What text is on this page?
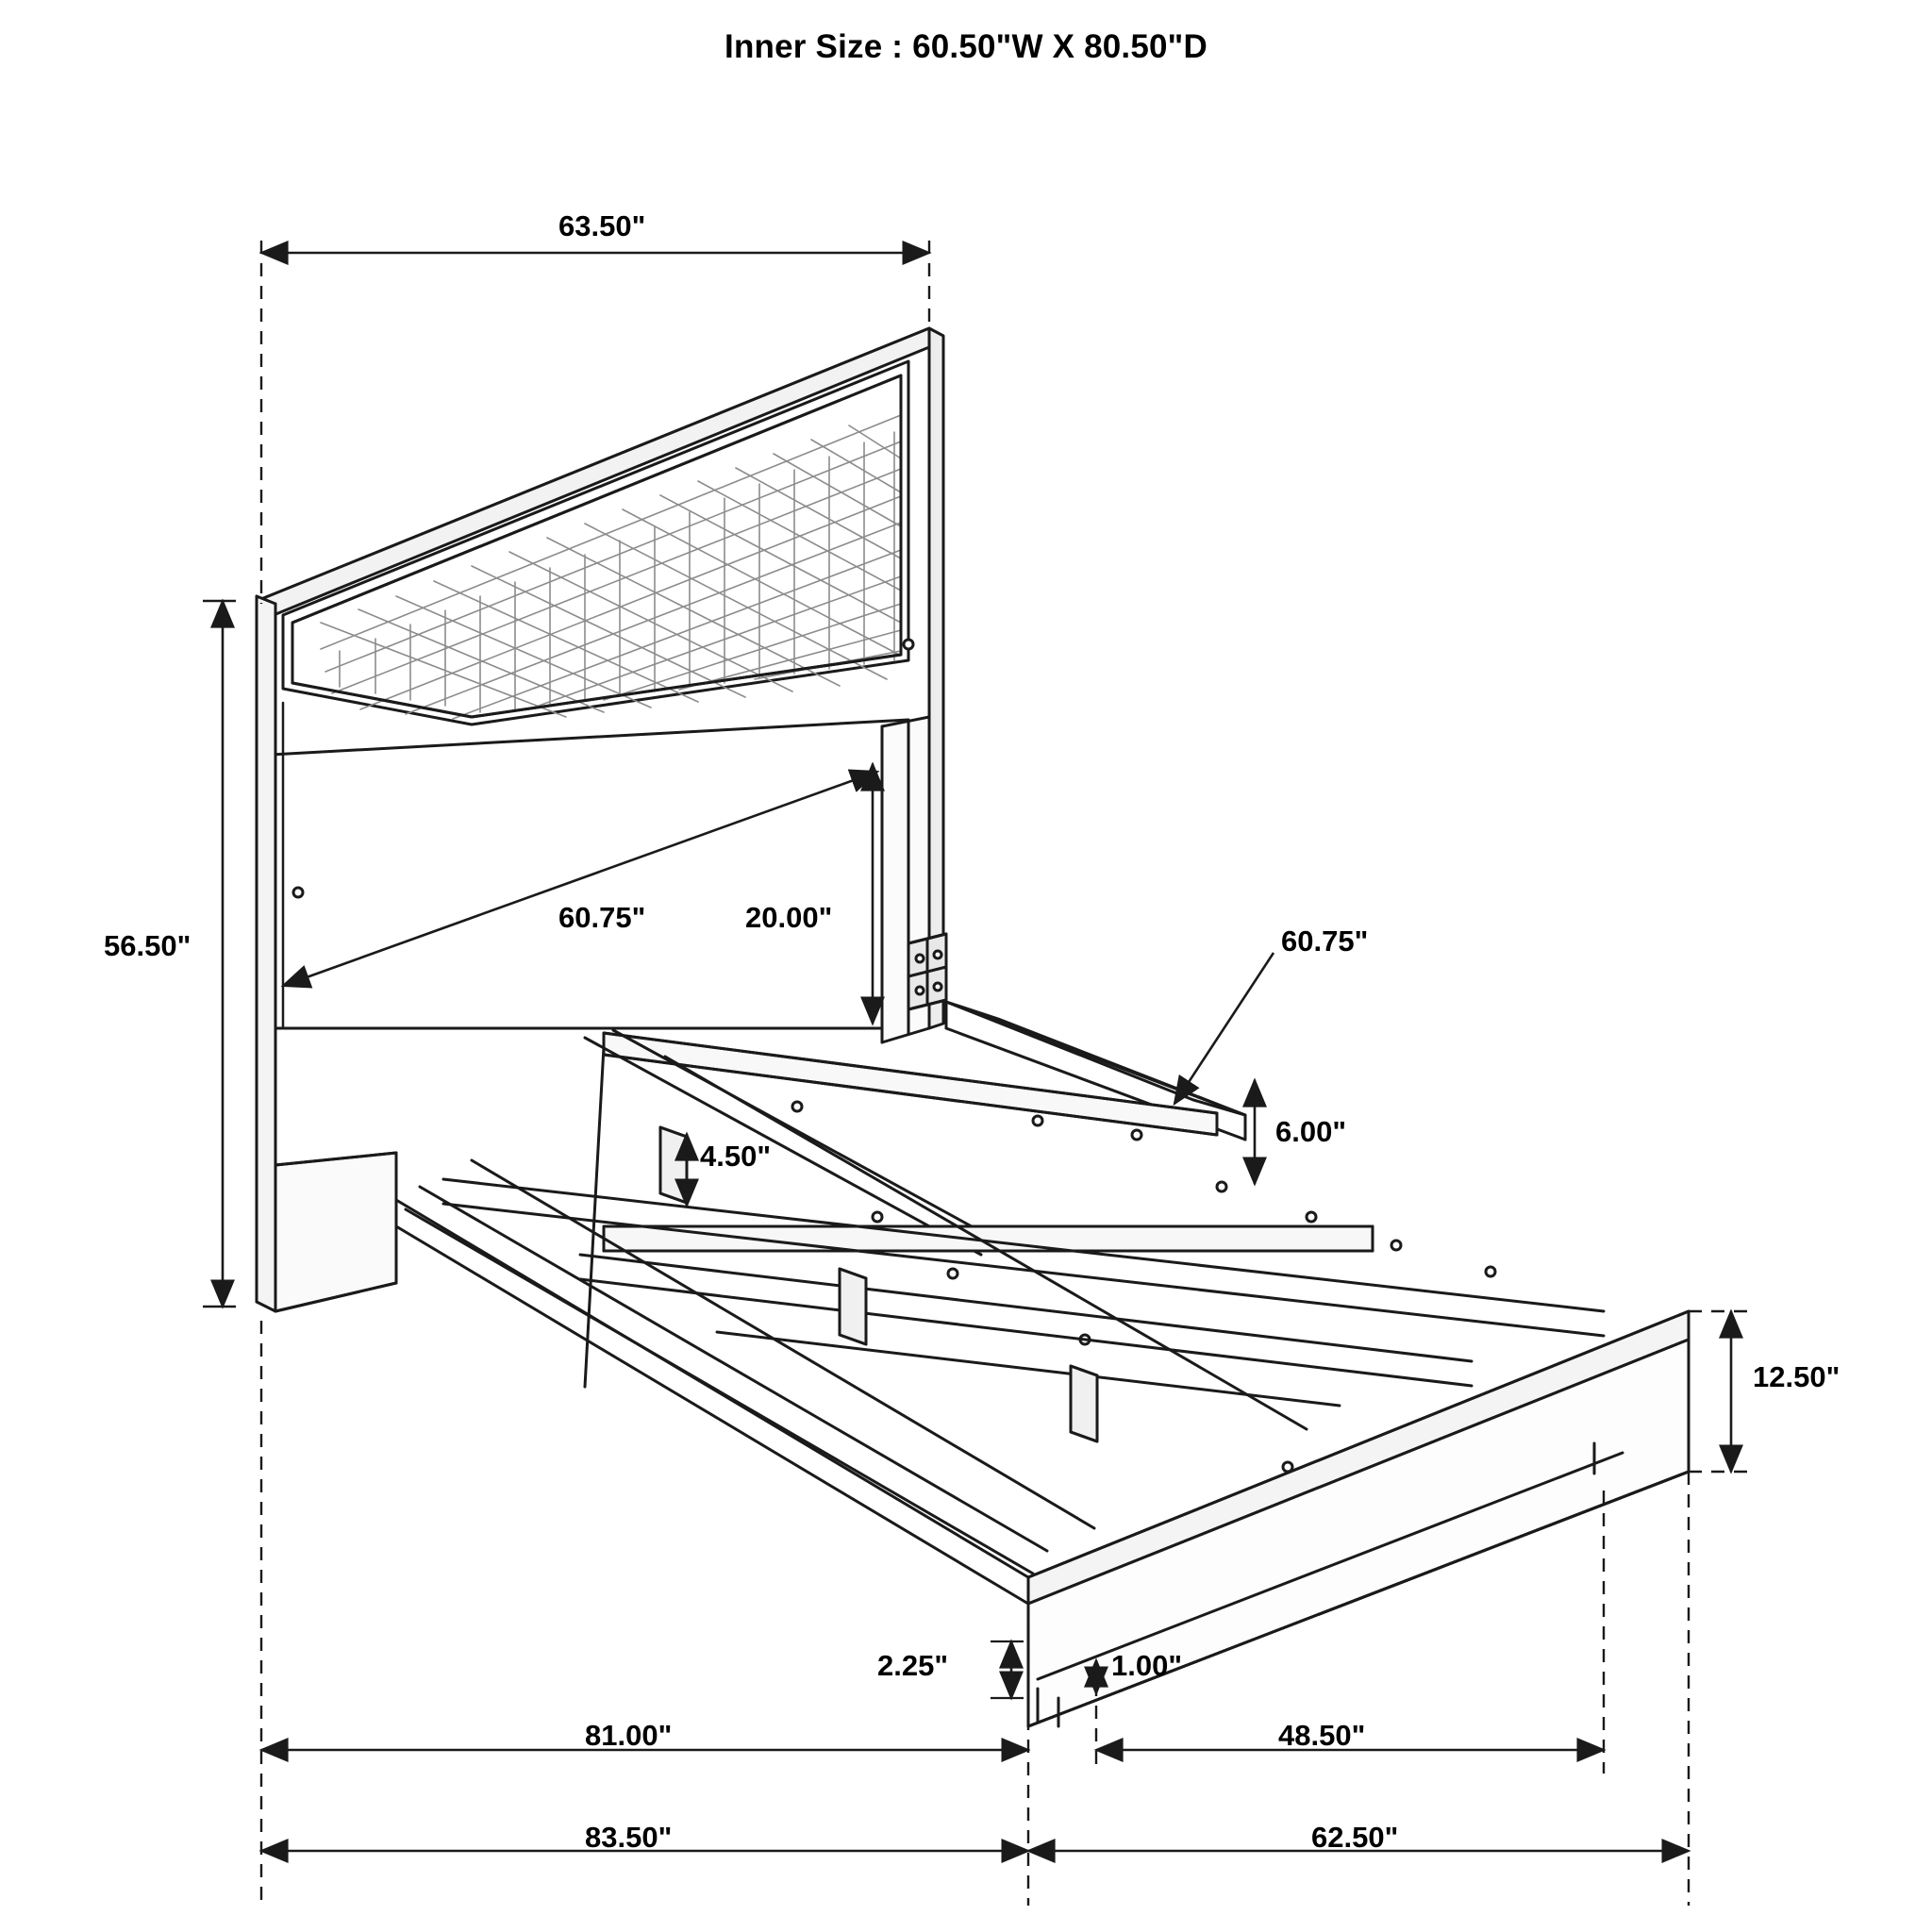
Inner Size : 60.50"W X 80.50"D
63.50"
56.50"
60.75"	20.00"
60.75"
6.00"
4.50"
12.50"
2.25"	1.00"
81.00"	48.50"
83.50"	62.50"
